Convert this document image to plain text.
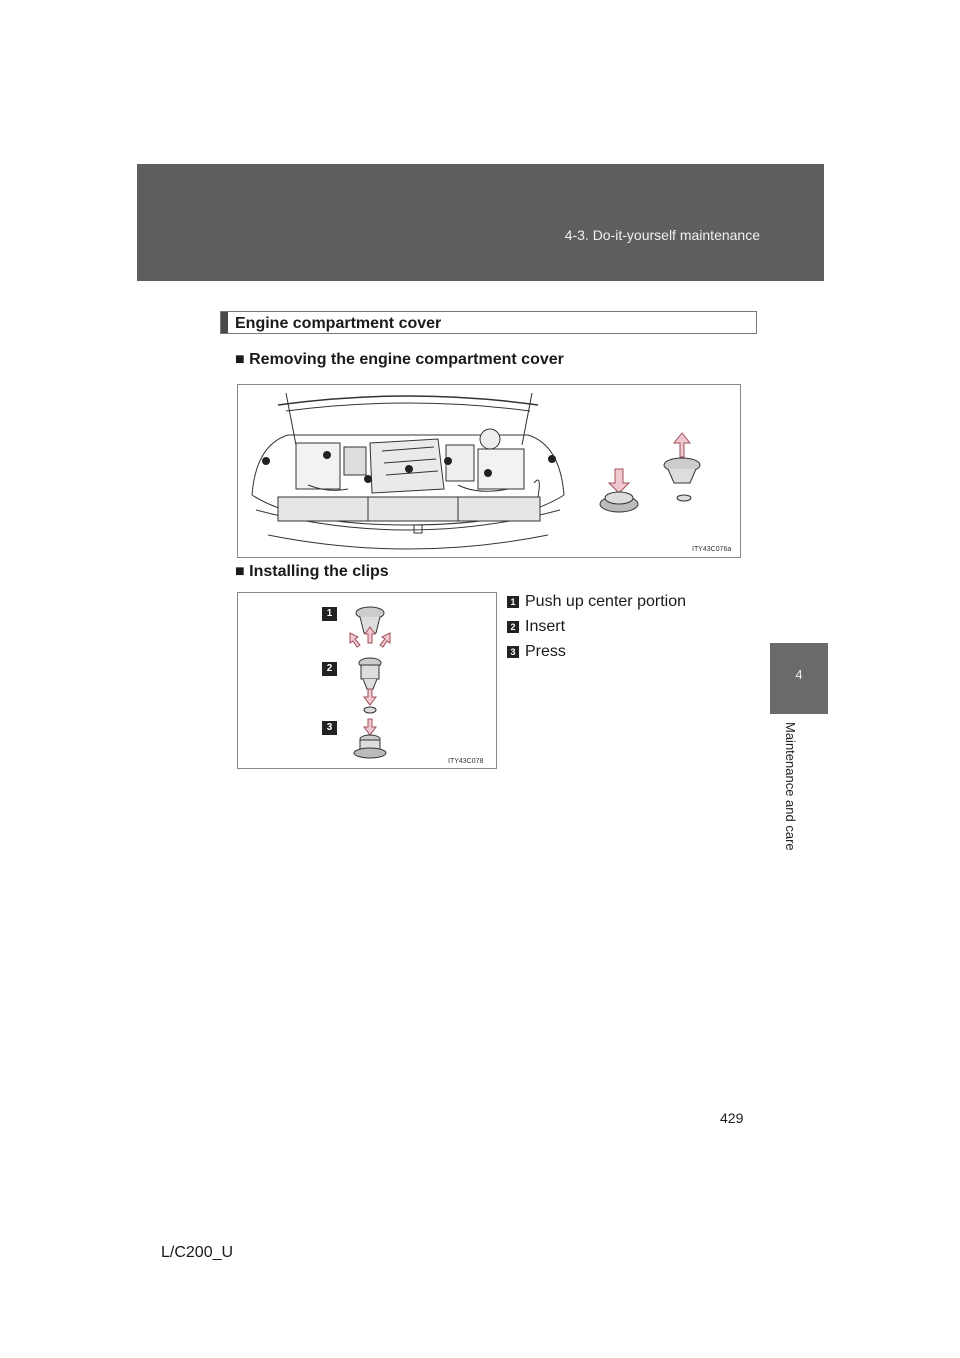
4-3. Do-it-yourself maintenance
4
Maintenance and care
Engine compartment cover
■ Removing the engine compartment cover
ITY43C076a
■ Installing the clips
1
2
3
ITY43C078
1 Push up center portion
2 Insert
3 Press
429
L/C200_U
